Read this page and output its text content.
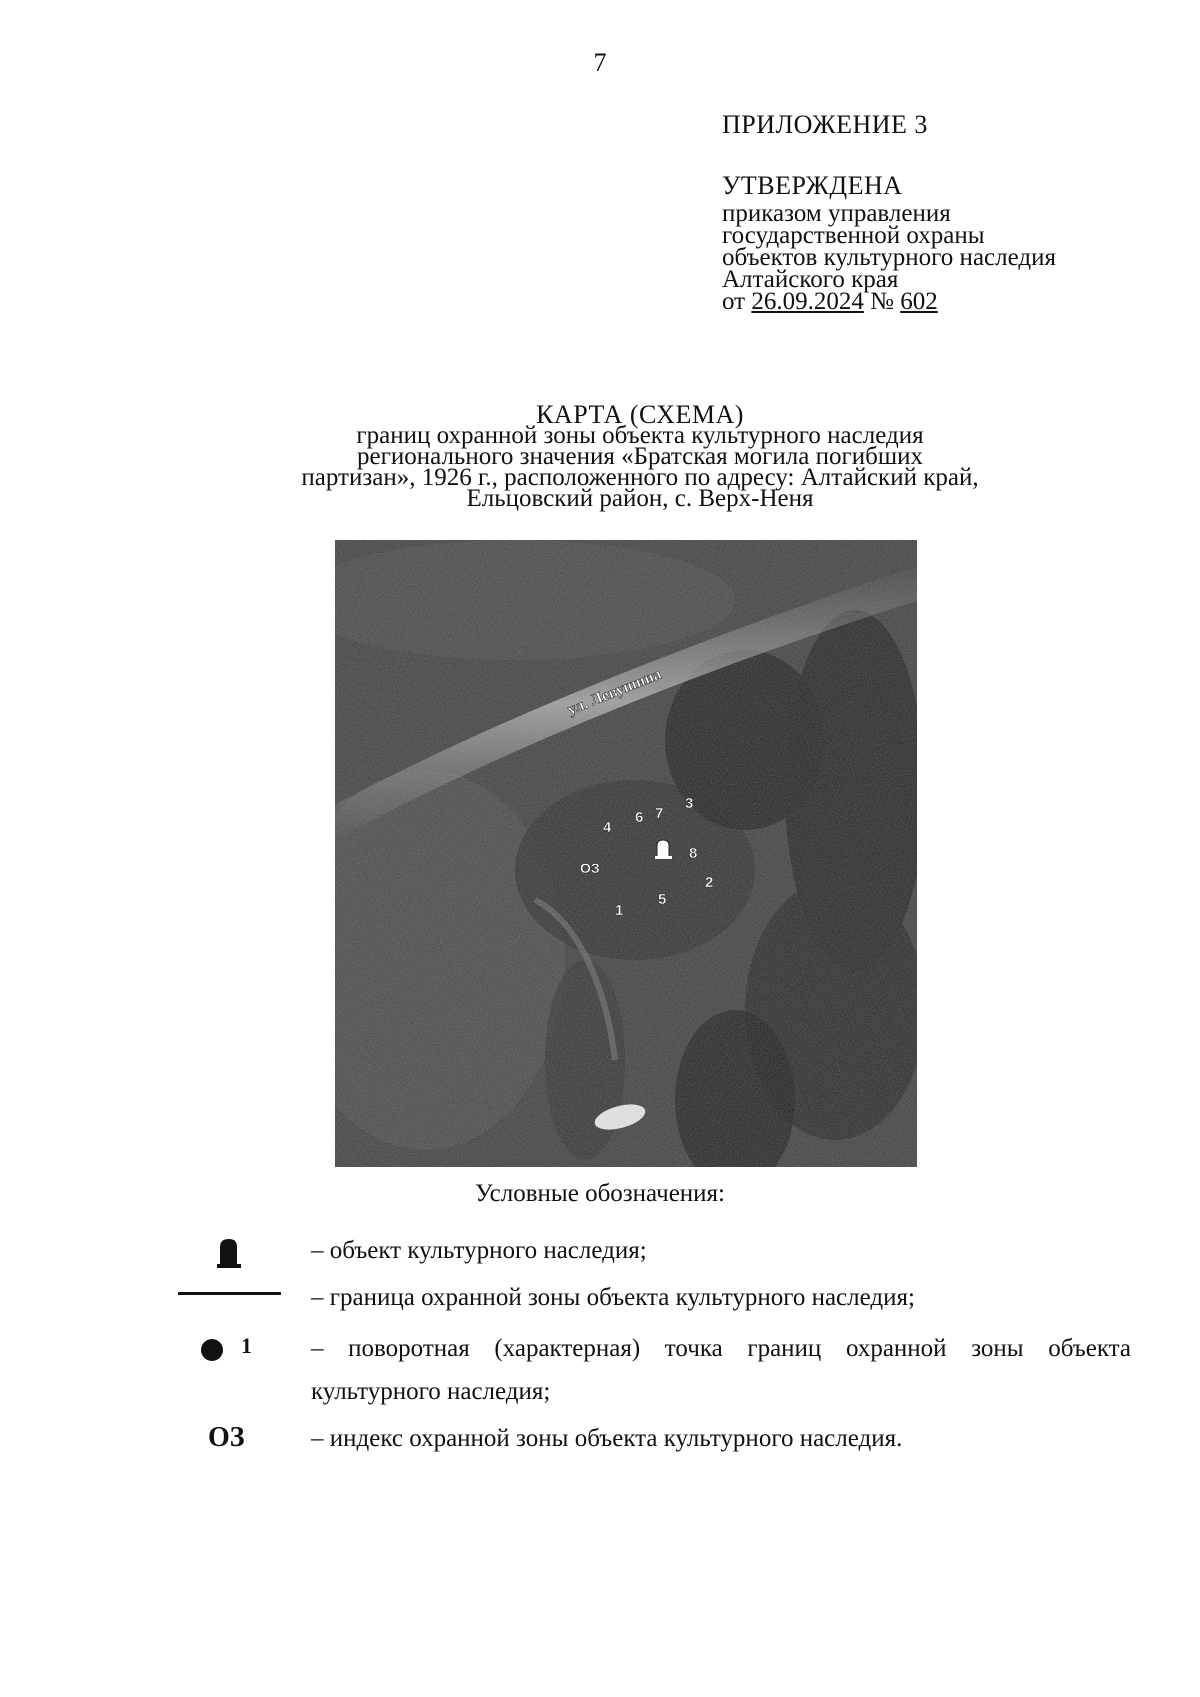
7
ПРИЛОЖЕНИЕ 3
УТВЕРЖДЕНА
приказом управления
государственной охраны
объектов культурного наследия
Алтайского края
от 26.09.2024 № 602
КАРТА (СХЕМА)
границ охранной зоны объекта культурного наследия
регионального значения «Братская могила погибших
партизан», 1926 г., расположенного по адресу: Алтайский край,
Ельцовский район, с. Верх-Неня
ул. Левушина
1
2
3
4
5
6 7
8
ОЗ
Условные обозначения:
– объект культурного наследия;
– граница охранной зоны объекта культурного наследия;
1 – поворотная (характерная) точка границ охранной зоны объекта
культурного наследия;
ОЗ	– индекс охранной зоны объекта культурного наследия.
